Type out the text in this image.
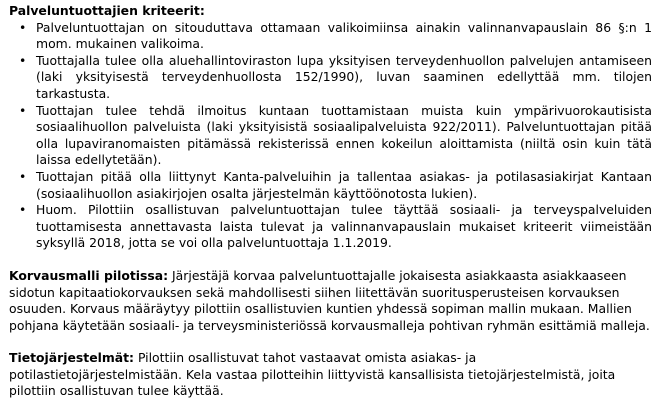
Palveluntuottajien kriteerit:

• Palveluntuottajan on sitouduttava ottamaan valikoimiinsa ainakin valinnanvapauslain 86 §:n 1 mom. mukainen valikoima.
• Tuottajalla tulee olla aluehallintoviraston lupa yksityisen terveydenhuollon palvelujen antamiseen (laki yksityisestä terveydenhuollosta 152/1990), luvan saaminen edellyttää mm. tilojen tarkastusta.
• Tuottajan tulee tehdä ilmoitus kuntaan tuottamistaan muista kuin ympärivuorokautisista sosiaalihuollon palveluista (laki yksityisistä sosiaalipalveluista 922/2011). Palveluntuottajan pitää olla lupaviranomaisten pitämässä rekisterissä ennen kokeilun aloittamista (niiltä osin kuin tätä laissa edellytetään).
• Tuottajan pitää olla liittynyt Kanta-palveluihin ja tallentaa asiakas- ja potilasasiakirjat Kantaan (sosiaalihuollon asiakirjojen osalta järjestelmän käyttöönotosta lukien).
• Huom. Pilottiin osallistuvan palveluntuottajan tulee täyttää sosiaali- ja terveyspalveluiden tuottamisesta annettavasta laista tulevat ja valinnanvapauslain mukaiset kriteerit viimeistään syksyllä 2018, jotta se voi olla palveluntuottaja 1.1.2019.

Korvausmalli pilotissa: Järjestäjä korvaa palveluntuottajalle jokaisesta asiakkaasta asiakkaaseen sidotun kapitaatiokorvauksen sekä mahdollisesti siihen liitettävän suoritusperusteisen korvauksen osuuden. Korvaus määräytyy pilottiin osallistuvien kuntien yhdessä sopiman mallin mukaan. Mallien pohjana käytetään sosiaali- ja terveysministeriössä korvausmalleja pohtivan ryhmän esittämiä malleja.

Tietojärjestelmät: Pilottiin osallistuvat tahot vastaavat omista asiakas- ja potilastietojärjestelmistään. Kela vastaa pilotteihin liittyvistä kansallisista tietojärjestelmistä, joita pilottiin osallistuvan tulee käyttää.
